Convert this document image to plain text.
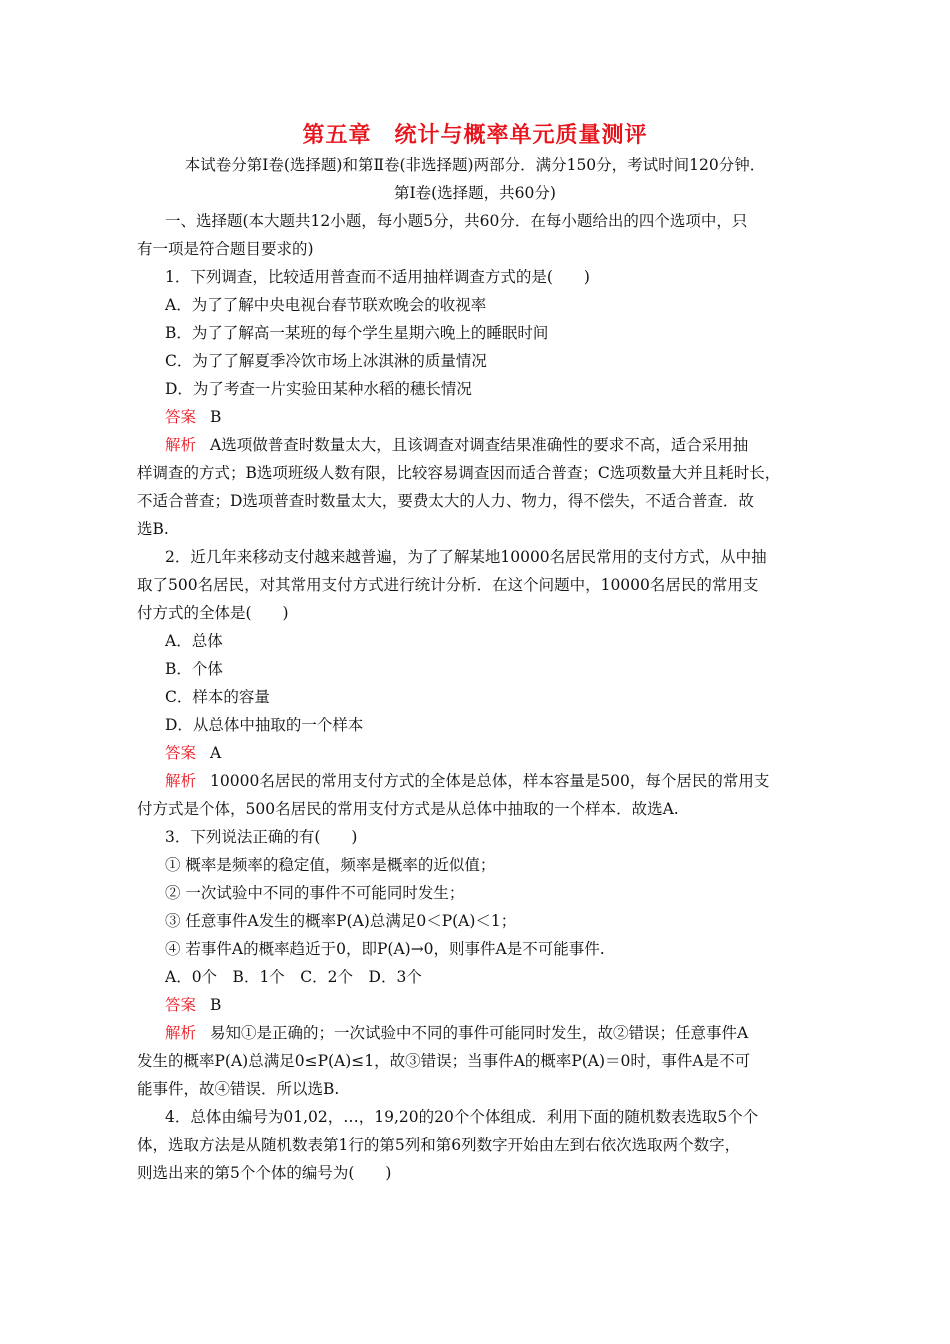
第五章　统计与概率单元质量测评
本试卷分第Ⅰ卷(选择题)和第Ⅱ卷(非选择题)两部分．满分150分，考试时间120分钟．
第Ⅰ卷(选择题，共60分)
一、选择题(本大题共12小题，每小题5分，共60分．在每小题给出的四个选项中，只
有一项是符合题目要求的)
1．下列调查，比较适用普查而不适用抽样调查方式的是(　　)
A．为了了解中央电视台春节联欢晚会的收视率
B．为了了解高一某班的每个学生星期六晚上的睡眠时间
C．为了了解夏季冷饮市场上冰淇淋的质量情况
D．为了考查一片实验田某种水稻的穗长情况
答案 B
解析 A选项做普查时数量太大，且该调查对调查结果准确性的要求不高，适合采用抽
样调查的方式；B选项班级人数有限，比较容易调查因而适合普查；C选项数量大并且耗时长，
不适合普查；D选项普查时数量太大，要费太大的人力、物力，得不偿失，不适合普查．故
选B.
2．近几年来移动支付越来越普遍，为了了解某地10000名居民常用的支付方式，从中抽
取了500名居民，对其常用支付方式进行统计分析．在这个问题中，10000名居民的常用支
付方式的全体是(　　)
A．总体
B．个体
C．样本的容量
D．从总体中抽取的一个样本
答案 A
解析 10000名居民的常用支付方式的全体是总体，样本容量是500，每个居民的常用支
付方式是个体，500名居民的常用支付方式是从总体中抽取的一个样本．故选A.
3．下列说法正确的有(　　)
① 概率是频率的稳定值，频率是概率的近似值；
② 一次试验中不同的事件不可能同时发生；
③ 任意事件A发生的概率P(A)总满足0＜P(A)＜1；
④ 若事件A的概率趋近于0，即P(A)→0，则事件A是不可能事件.
A．0个　B．1个　C．2个　D．3个
答案 B
解析 易知①是正确的；一次试验中不同的事件可能同时发生，故②错误；任意事件A
发生的概率P(A)总满足0≤P(A)≤1，故③错误；当事件A的概率P(A)＝0时，事件A是不可
能事件，故④错误．所以选B.
4．总体由编号为01,02，…，19,20的20个个体组成．利用下面的随机数表选取5个个
体，选取方法是从随机数表第1行的第5列和第6列数字开始由左到右依次选取两个数字，
则选出来的第5个个体的编号为(　　)
